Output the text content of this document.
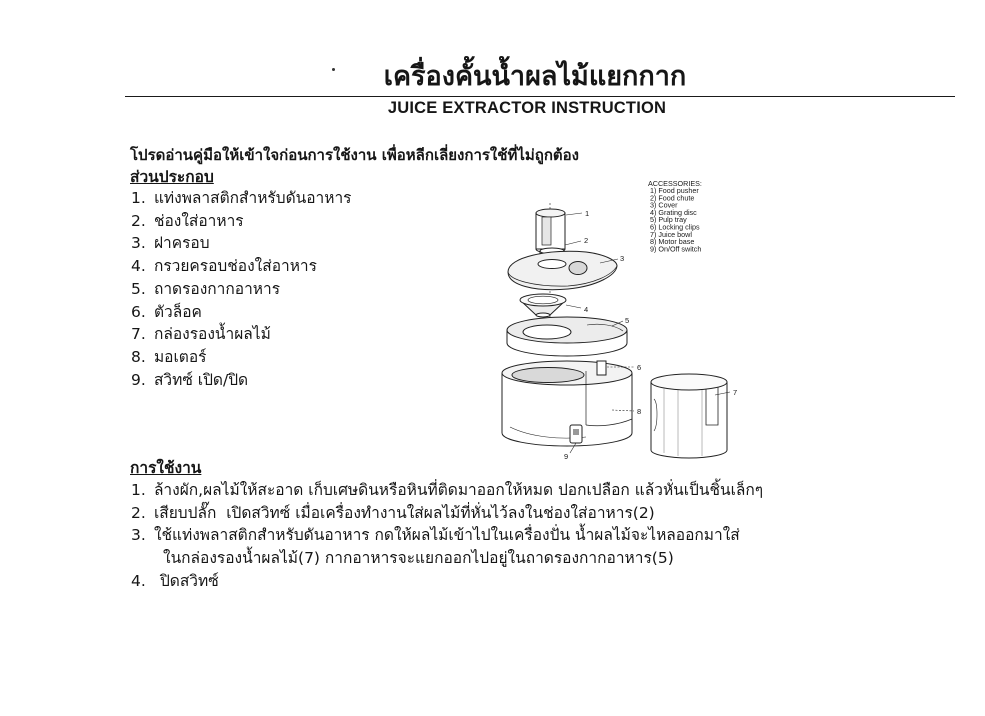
เครื่องคั้นน้ำผลไม้แยกกาก
JUICE EXTRACTOR INSTRUCTION
โปรดอ่านคู่มือให้เข้าใจก่อนการใช้งาน เพื่อหลีกเลี่ยงการใช้ที่ไม่ถูกต้อง
ส่วนประกอบ
1. แท่งพลาสติกสำหรับดันอาหาร
2. ช่องใส่อาหาร
3. ฝาครอบ
4. กรวยครอบช่องใส่อาหาร
5. ถาดรองกากอาหาร
6. ตัวล็อค
7. กล่องรองน้ำผลไม้
8. มอเตอร์
9. สวิทซ์ เปิด/ปิด
ACCESSORIES:
1) Food pusher
2) Food chute
3) Cover
4) Grating disc
5) Pulp tray
6) Locking clips
7) Juice bowl
8) Motor base
9) On/Off switch
1
2
3
4
5
6
7
8
9
การใช้งาน
1. ล้างผัก,ผลไม้ให้สะอาด เก็บเศษดินหรือหินที่ติดมาออกให้หมด ปอกเปลือก แล้วหั่นเป็นชิ้นเล็กๆ
2. เสียบปลั๊ก  เปิดสวิทซ์ เมื่อเครื่องทำงานใส่ผลไม้ที่หั่นไว้ลงในช่องใส่อาหาร(2)
3. ใช้แท่งพลาสติกสำหรับดันอาหาร กดให้ผลไม้เข้าไปในเครื่องปั่น น้ำผลไม้จะไหลออกมาใส่
ในกล่องรองน้ำผลไม้(7) กากอาหารจะแยกออกไปอยู่ในถาดรองกากอาหาร(5)
4. ปิดสวิทซ์
